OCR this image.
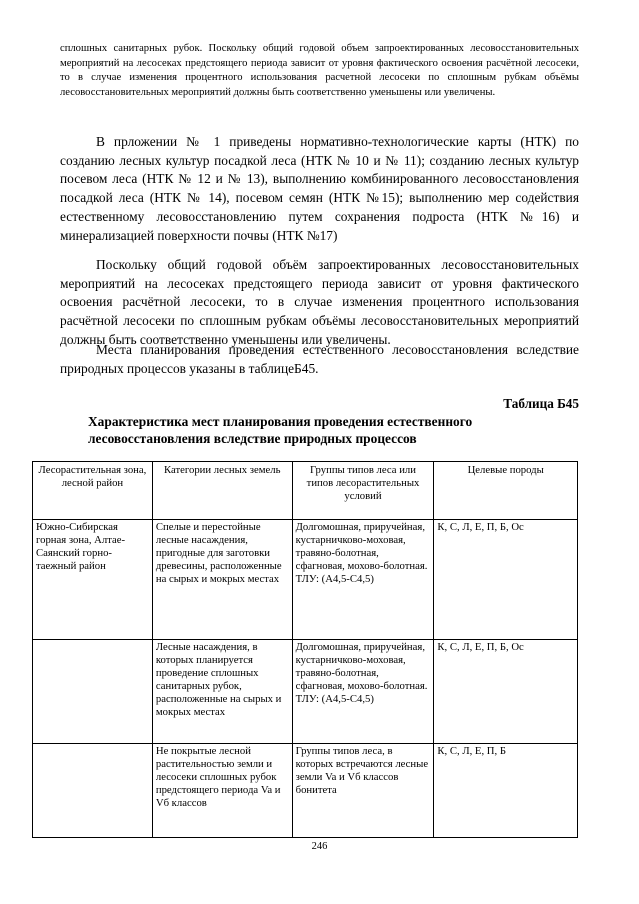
сплошных санитарных рубок. Поскольку общий годовой объем запроектированных лесовосстановительных мероприятий на лесосеках предстоящего периода зависит от уровня фактического освоения расчётной лесосеки, то в случае изменения процентного использования расчетной лесосеки по сплошным рубкам объёмы лесовосстановительных мероприятий должны быть соответственно уменьшены или увеличены.

В прложении № 1 приведены нормативно-технологические карты (НТК) по созданию лесных культур посадкой леса (НТК № 10 и № 11); созданию лесных культур посевом леса (НТК № 12 и № 13), выполнению комбинированного лесовосстановления посадкой леса (НТК № 14), посевом семян (НТК №15); выполнению мер содействия естественному лесовосстановлению путем сохранения подроста (НТК №16) и минерализацией поверхности почвы (НТК №17)

Поскольку общий годовой объём запроектированных лесовосстановительных мероприятий на лесосеках предстоящего периода зависит от уровня фактического освоения расчётной лесосеки, то в случае изменения процентного использования расчётной лесосеки по сплошным рубкам объёмы лесовосстановительных мероприятий должны быть соответственно уменьшены или увеличены.

Места планирования проведения естественного лесовосстановления вследствие природных процессов указаны в таблицеБ45.

Таблица Б45
Характеристика мест планирования проведения естественного лесовосстановления вследствие природных процессов
Лесорастительная зона, лесной район	Категории лесных земель	Группы типов леса или типов лесорастительных условий	Целевые породы
Южно-Сибирская горная зона, Алтае-Саянский горно-таежный район	Спелые и перестойные лесные насаждения, пригодные для заготовки древесины, расположенные на сырых и мокрых местах	Долгомошная, приручейная, кустарничково-моховая, травяно-болотная, сфагновая, мохово-болотная. ТЛУ: (А4,5-С4,5)	К, С, Л, Е, П, Б, Ос
	Лесные насаждения, в которых планируется проведение сплошных санитарных рубок, расположенные на сырых и мокрых местах	Долгомошная, приручейная, кустарничково-моховая, травяно-болотная, сфагновая, мохово-болотная. ТЛУ: (А4,5-С4,5)	К, С, Л, Е, П, Б, Ос
	Не покрытые лесной растительностью земли и лесосеки сплошных рубок предстоящего периода Va и Vб классов	Группы типов леса, в которых встречаются лесные земли Va и Vб классов бонитета	К, С, Л, Е, П, Б
246
